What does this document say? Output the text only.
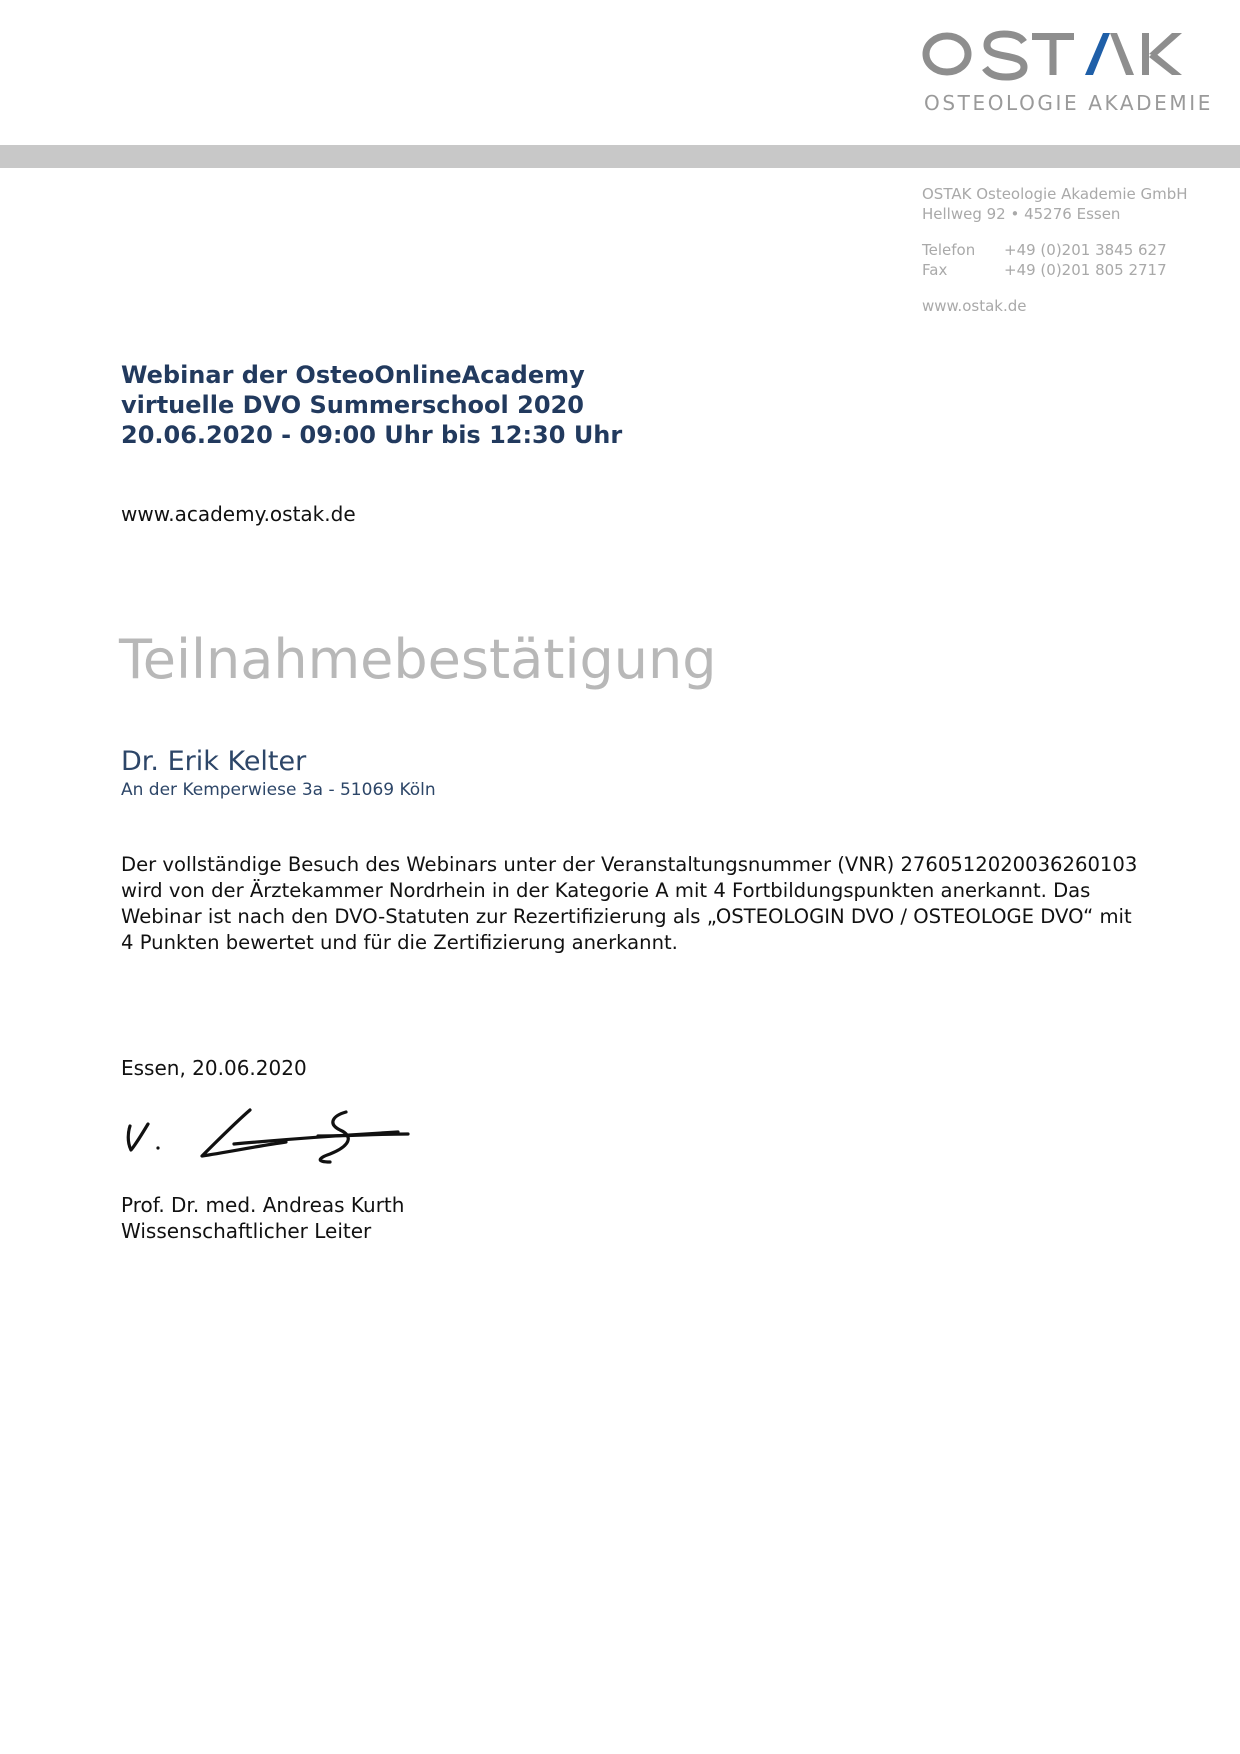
OSTEOLOGIE AKADEMIE
OSTAK Osteologie Akademie GmbH
Hellweg 92 • 45276 Essen
Telefon +49 (0)201 3845 627
Fax	+49 (0)201 805 2717
www.ostak.de
Webinar der OsteoOnlineAcademy
virtuelle DVO Summerschool 2020
20.06.2020 - 09:00 Uhr bis 12:30 Uhr
www.academy.ostak.de
Teilnahmebestätigung
Dr. Erik Kelter
An der Kemperwiese 3a - 51069 Köln

Der vollständige Besuch des Webinars unter der Veranstaltungsnummer (VNR) 2760512020036260103

wird von der Ärztekammer Nordrhein in der Kategorie A mit 4 Fortbildungspunkten anerkannt. Das

Webinar ist nach den DVO-Statuten zur Rezertifizierung als „OSTEOLOGIN DVO / OSTEOLOGE DVO“ mit

4 Punkten bewertet und für die Zertifizierung anerkannt.

Essen, 20.06.2020
Prof. Dr. med. Andreas Kurth
Wissenschaftlicher Leiter
